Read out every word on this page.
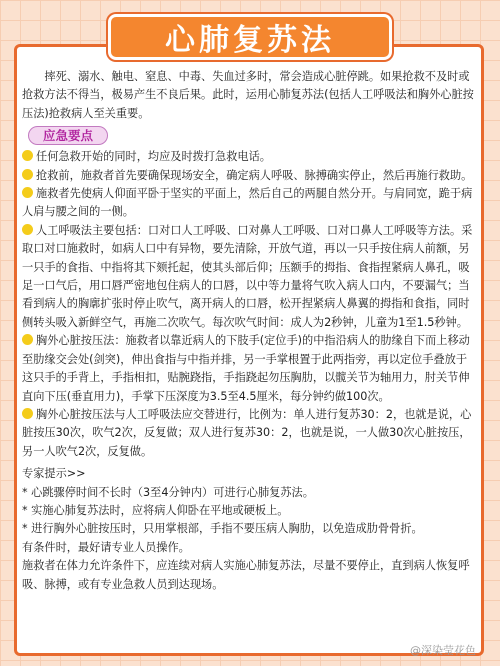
心肺复苏法

摔死、溺水、触电、窒息、中毒、失血过多时，常会造成心脏停跳。如果抢救不及时或抢救方法不得当，极易产生不良后果。此时，运用心肺复苏法(包括人工呼吸法和胸外心脏按压法)抢救病人至关重要。

应急要点

任何急救开始的同时，均应及时拨打急救电话。

抢救前，施救者首先要确保现场安全，确定病人呼吸、脉搏确实停止，然后再施行救助。

施救者先使病人仰面平卧于坚实的平面上，然后自己的两腿自然分开。与肩同宽，跪于病人肩与腰之间的一侧。

人工呼吸法主要包括：口对口人工呼吸、口对鼻人工呼吸、口对口鼻人工呼吸等方法。采取口对口施救时，如病人口中有异物，要先清除，开放气道，再以一只手按住病人前额，另一只手的食指、中指将其下颏托起，使其头部后仰；压额手的拇指、食指捏紧病人鼻孔，吸足一口气后，用口唇严密地包住病人的口唇，以中等力量将气吹入病人口内，不要漏气；当看到病人的胸廓扩张时停止吹气，离开病人的口唇，松开捏紧病人鼻翼的拇指和食指，同时侧转头吸入新鲜空气，再施二次吹气。每次吹气时间：成人为2秒钟，儿童为1至1.5秒钟。

胸外心脏按压法：施救者以靠近病人的下肢手(定位手)的中指沿病人的肋缘自下而上移动至肋缘交会处(剑突)，伸出食指与中指并排，另一手掌根置于此两指旁，再以定位手叠放于这只手的手背上，手指相扣，贴腕跷指，手指跷起勿压胸肋，以髋关节为轴用力，肘关节伸直向下压(垂直用力)，手掌下压深度为3.5至4.5厘米，每分钟约做100次。

胸外心脏按压法与人工呼吸法应交替进行，比例为：单人进行复苏30：2，也就是说，心脏按压30次，吹气2次，反复做；双人进行复苏30：2，也就是说，一人做30次心脏按压，另一人吹气2次，反复做。

专家提示>>

* 心跳骤停时间不长时（3至4分钟内）可进行心肺复苏法。

* 实施心肺复苏法时，应将病人仰卧在平地或硬板上。

* 进行胸外心脏按压时，只用掌根部，手指不要压病人胸肋，以免造成肋骨骨折。

有条件时，最好请专业人员操作。

施救者在体力允许条件下，应连续对病人实施心肺复苏法，尽量不要停止，直到病人恢复呼吸、脉搏，或有专业急救人员到达现场。

@深染莹花色
